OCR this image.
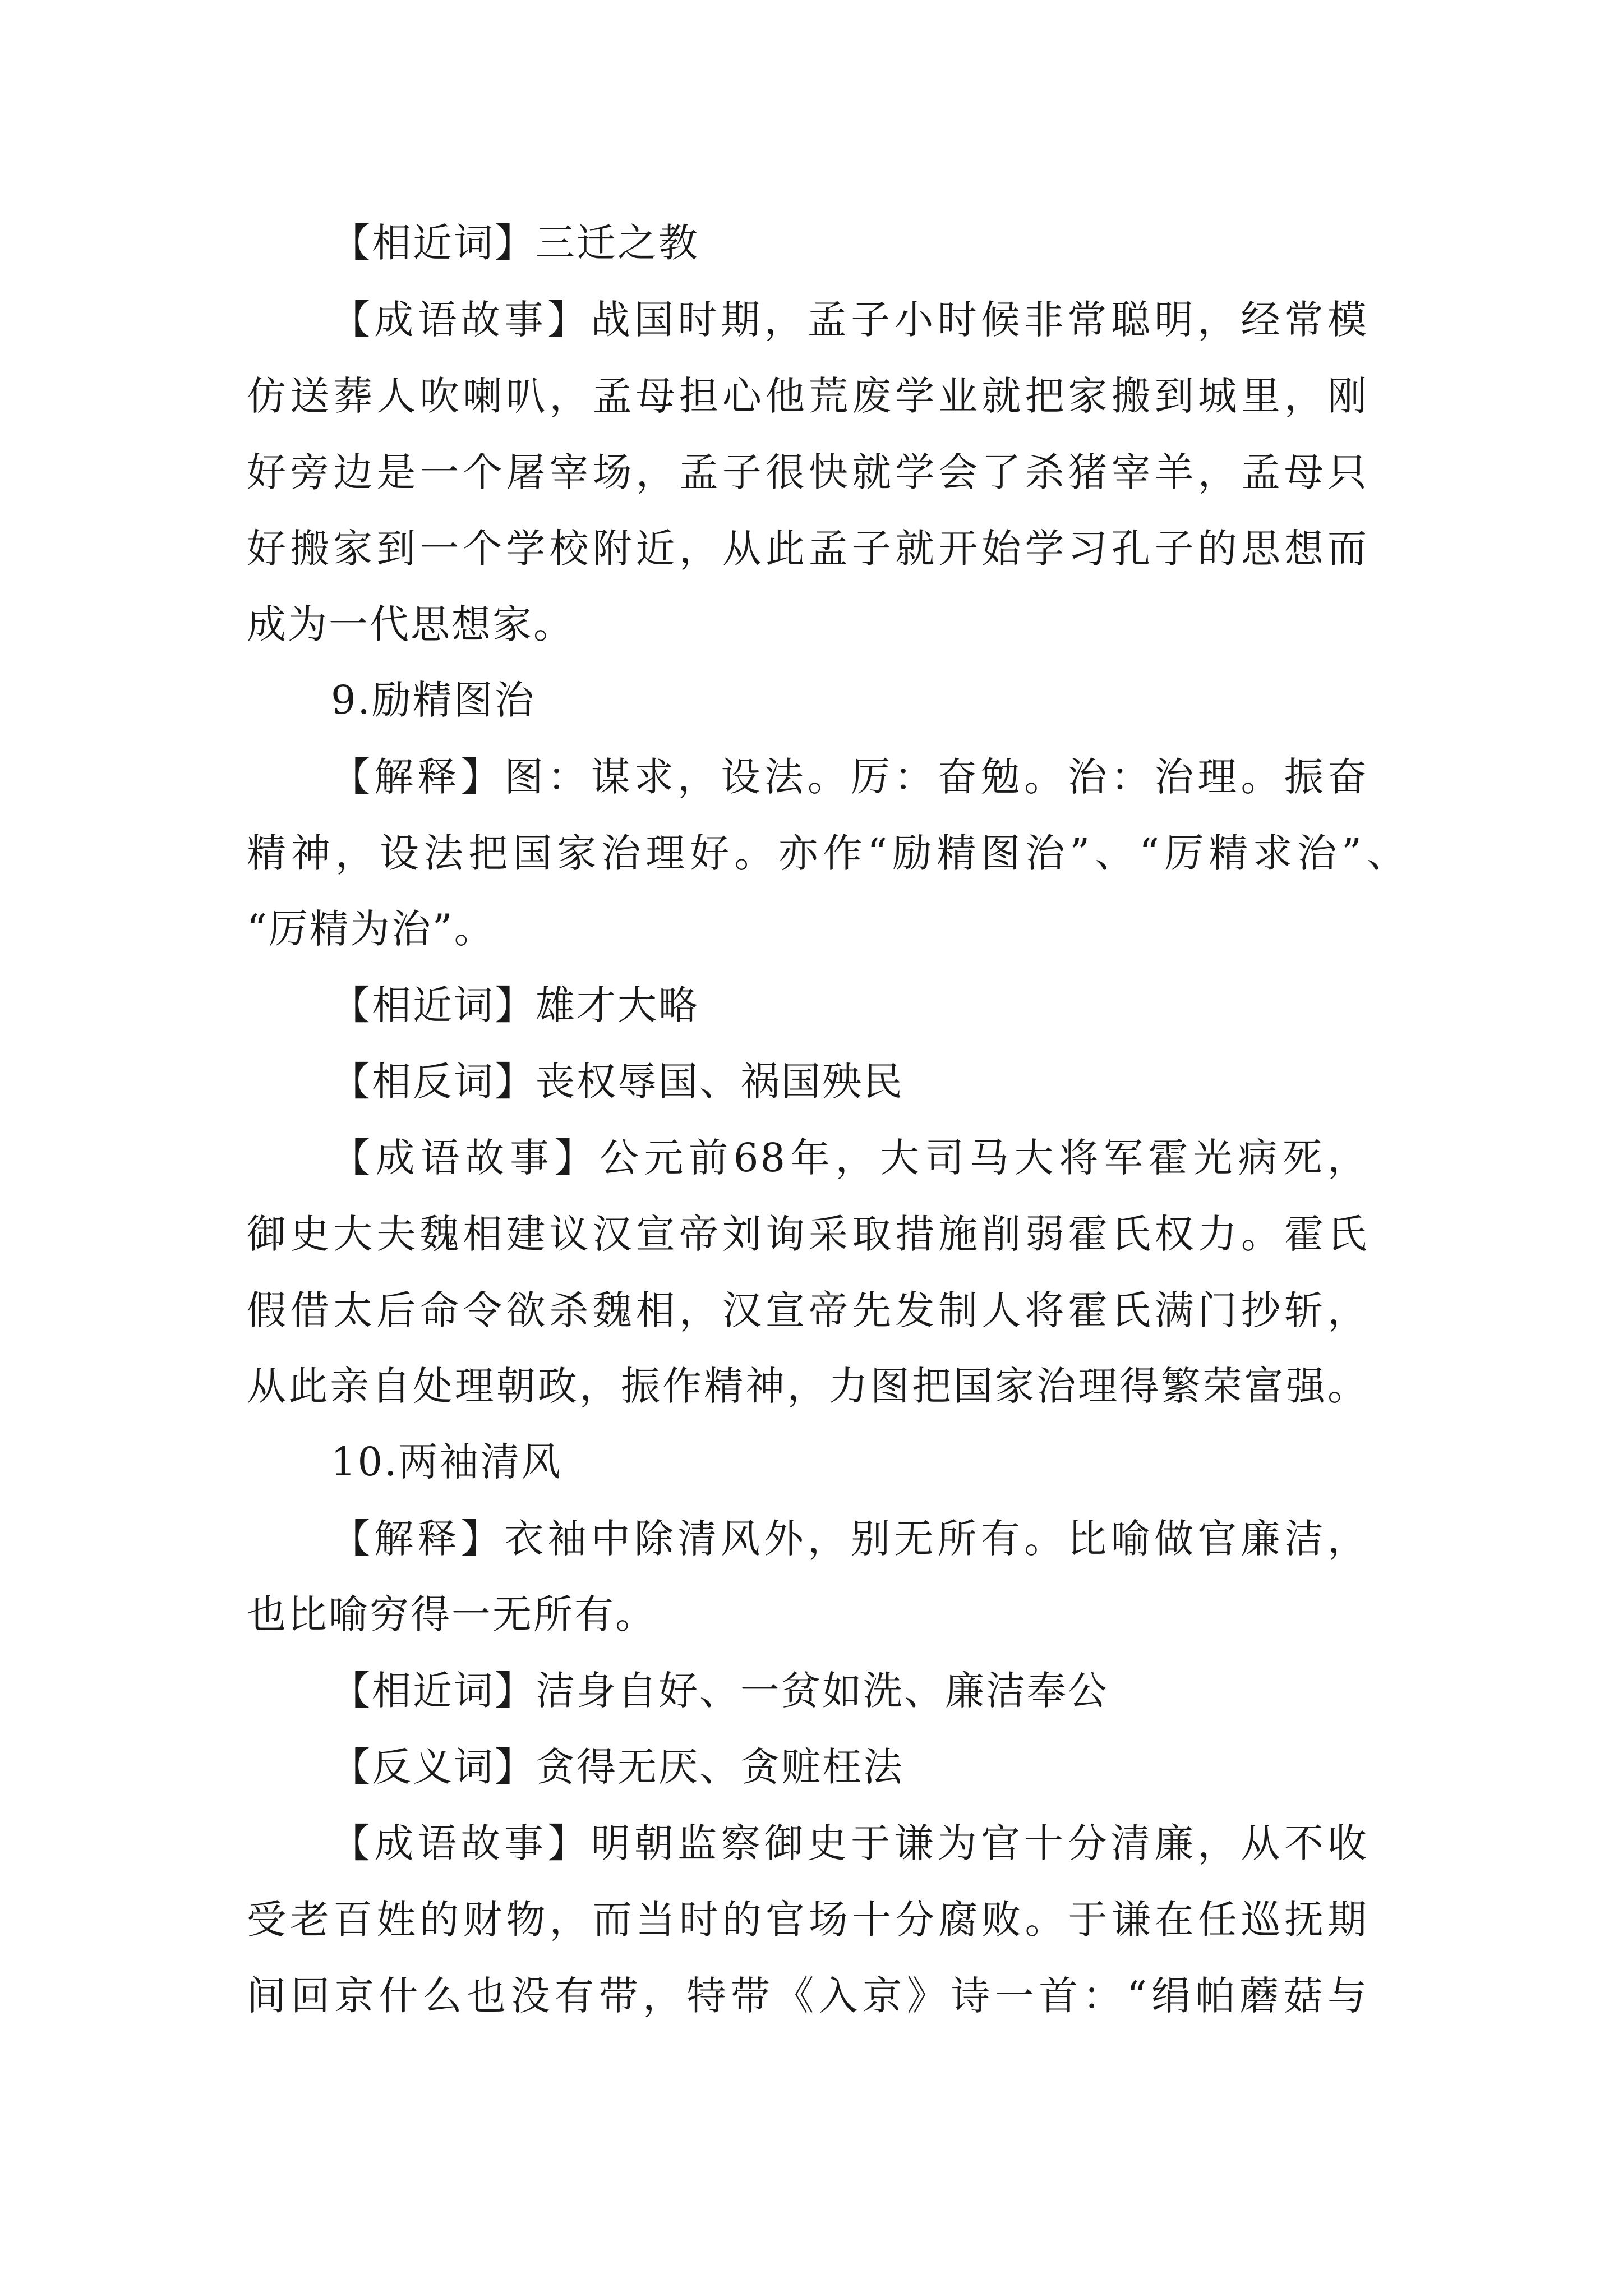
【相近词】三迁之教
【成语故事】战国时期，孟子小时候非常聪明，经常模
仿送葬人吹喇叭，孟母担心他荒废学业就把家搬到城里，刚
好旁边是一个屠宰场，孟子很快就学会了杀猪宰羊，孟母只
好搬家到一个学校附近，从此孟子就开始学习孔子的思想而
成为一代思想家。
9.励精图治
【解释】图：谋求，设法。厉：奋勉。治：治理。振奋
精神，设法把国家治理好。亦作“励精图治”、“厉精求治”、
“厉精为治”。
【相近词】雄才大略
【相反词】丧权辱国、祸国殃民
【成语故事】公元前68年，大司马大将军霍光病死，
御史大夫魏相建议汉宣帝刘询采取措施削弱霍氏权力。霍氏
假借太后命令欲杀魏相，汉宣帝先发制人将霍氏满门抄斩，
从此亲自处理朝政，振作精神，力图把国家治理得繁荣富强。
10.两袖清风
【解释】衣袖中除清风外，别无所有。比喻做官廉洁，
也比喻穷得一无所有。
【相近词】洁身自好、一贫如洗、廉洁奉公
【反义词】贪得无厌、贪赃枉法
【成语故事】明朝监察御史于谦为官十分清廉，从不收
受老百姓的财物，而当时的官场十分腐败。于谦在任巡抚期
间回京什么也没有带，特带《入京》诗一首：“绢帕蘑菇与
